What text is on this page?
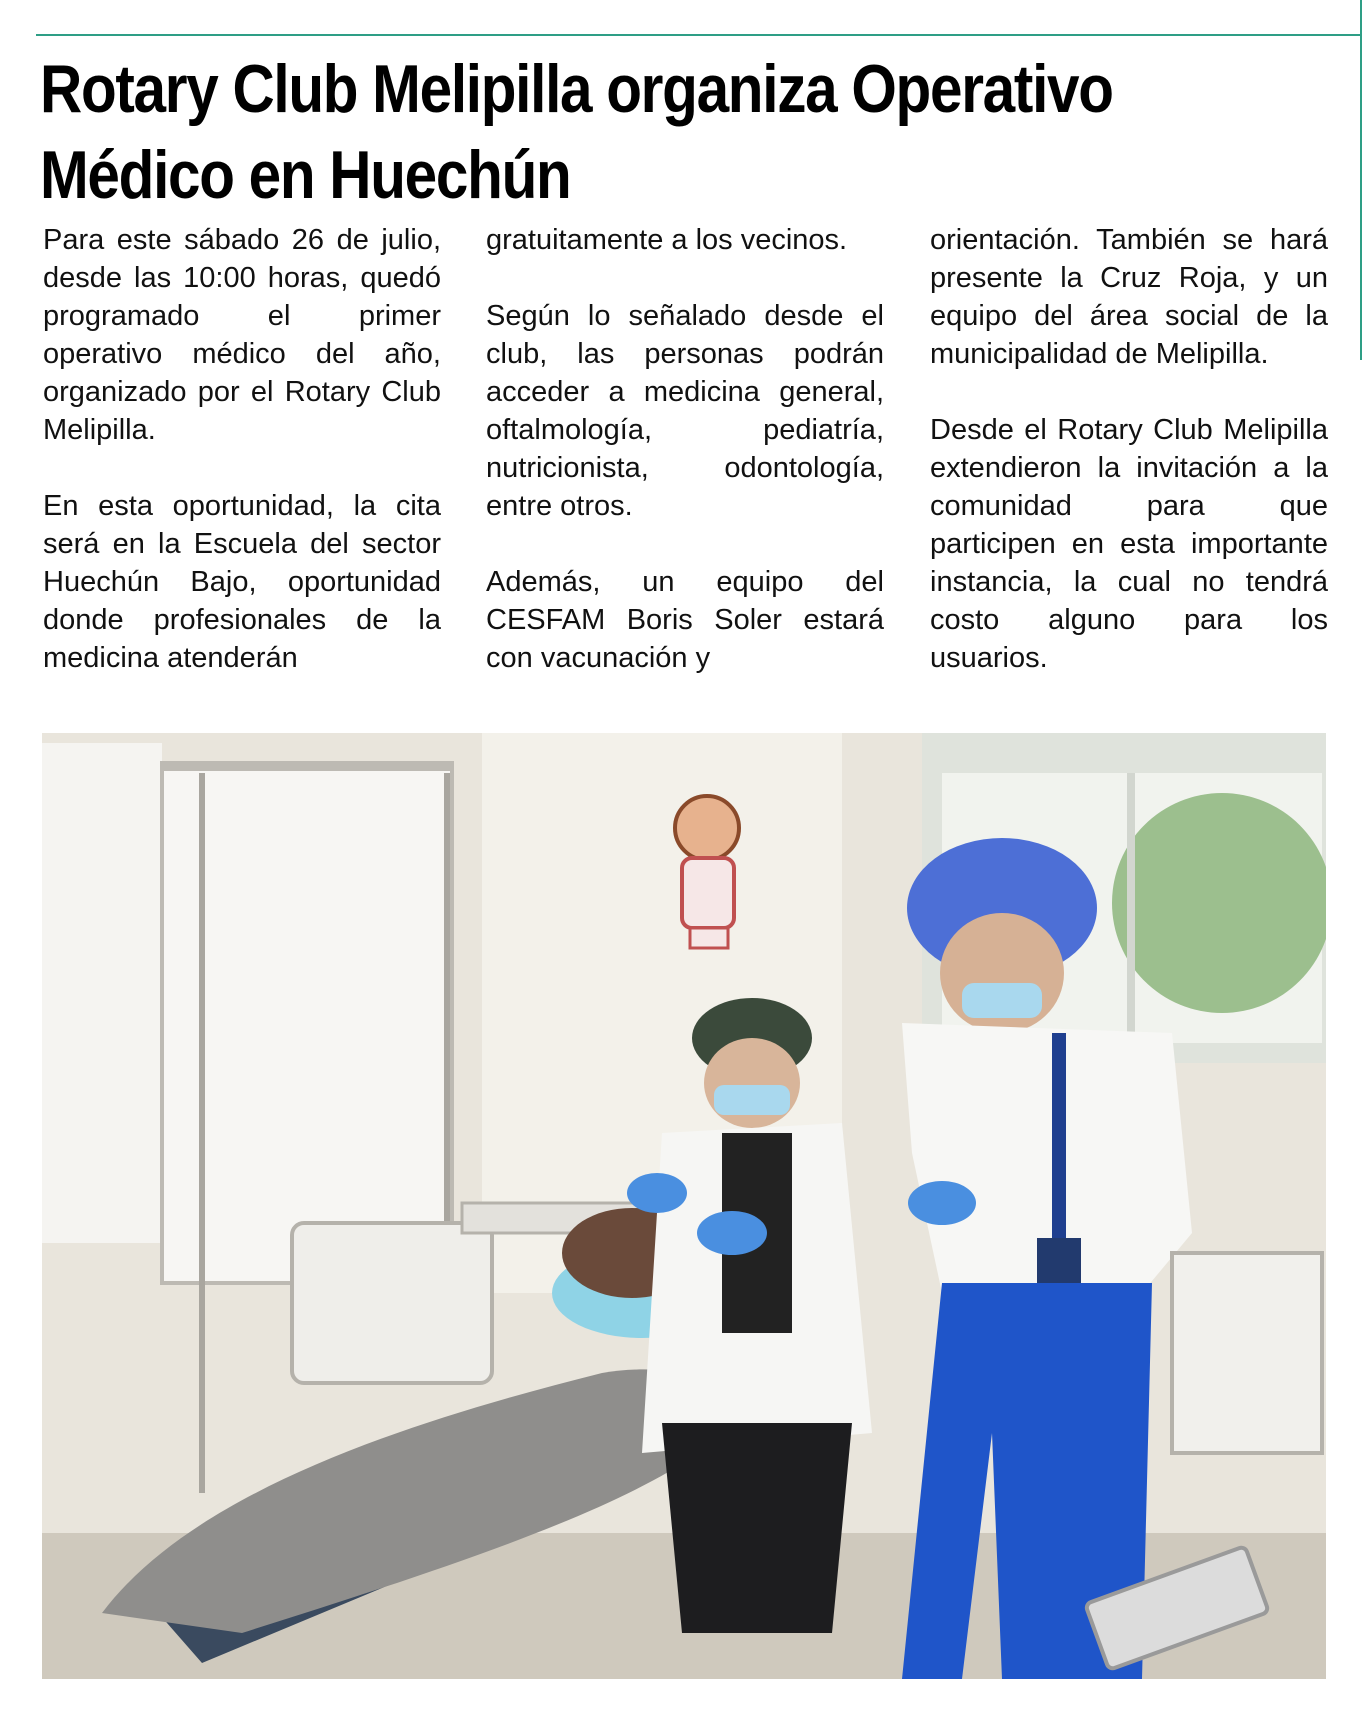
Rotary Club Melipilla organiza Operativo Médico en Huechún

Para este sábado 26 de julio, desde las 10:00 horas, quedó programado el primer operativo médico del año, organizado por el Rotary Club Melipilla.

En esta oportunidad, la cita será en la Escuela del sector Huechún Bajo, oportunidad donde profesionales de la medicina atenderán

gratuitamente a los vecinos.

Según lo señalado desde el club, las personas podrán acceder a medicina general, oftalmología, pediatría, nutricionista, odontología, entre otros.

Además, un equipo del CESFAM Boris Soler estará con vacunación y

orientación. También se hará presente la Cruz Roja, y un equipo del área social de la municipalidad de Melipilla.

Desde el Rotary Club Melipilla extendieron la invitación a la comunidad para que participen en esta importante instancia, la cual no tendrá costo alguno para los usuarios.
